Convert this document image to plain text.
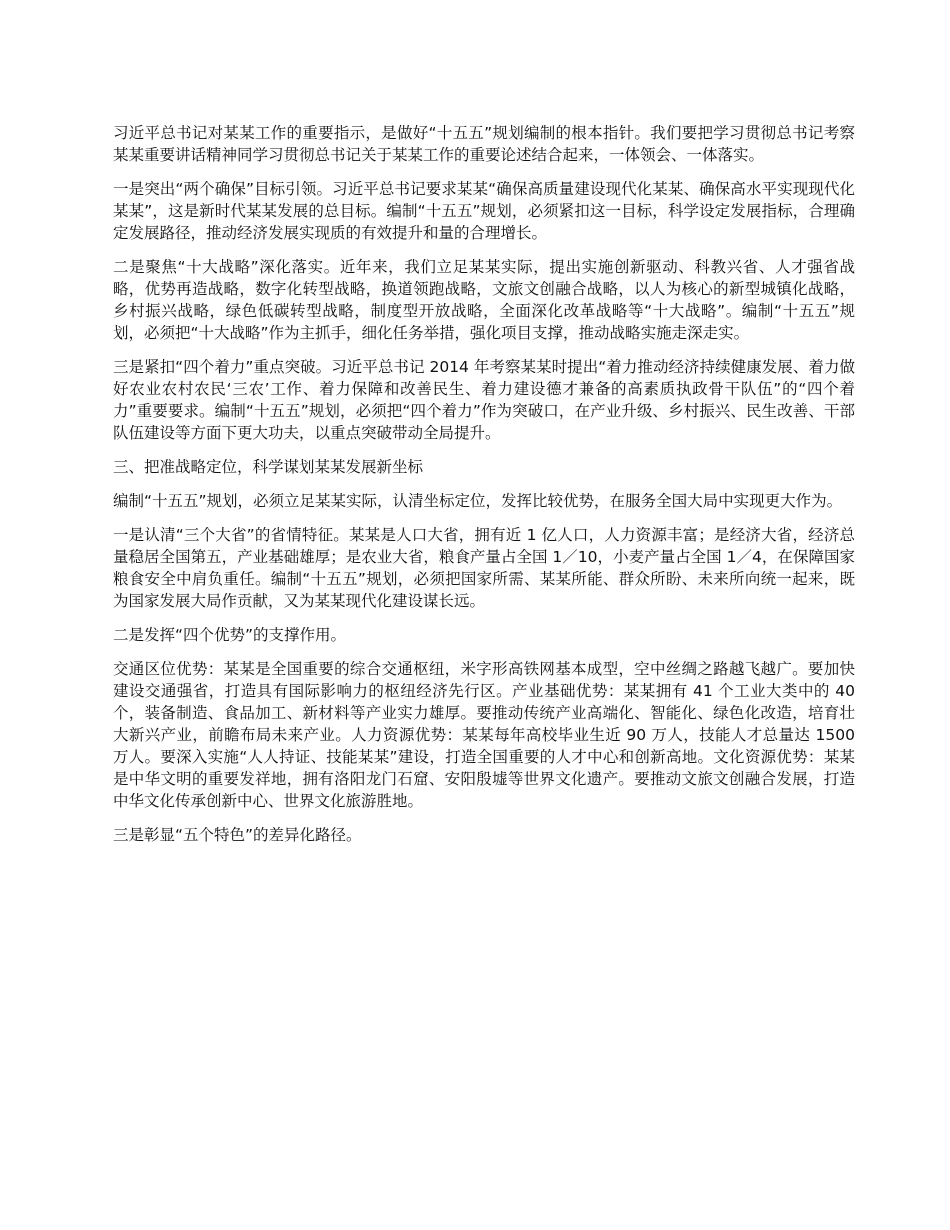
习近平总书记对某某工作的重要指示，是做好“十五五”规划编制的根本指针。我们要把学习贯彻总书记考察某某重要讲话精神同学习贯彻总书记关于某某工作的重要论述结合起来，一体领会、一体落实。

一是突出“两个确保”目标引领。习近平总书记要求某某“确保高质量建设现代化某某、确保高水平实现现代化某某”，这是新时代某某发展的总目标。编制“十五五”规划，必须紧扣这一目标，科学设定发展指标，合理确定发展路径，推动经济发展实现质的有效提升和量的合理增长。

二是聚焦“十大战略”深化落实。近年来，我们立足某某实际，提出实施创新驱动、科教兴省、人才强省战略，优势再造战略，数字化转型战略，换道领跑战略，文旅文创融合战略，以人为核心的新型城镇化战略，乡村振兴战略，绿色低碳转型战略，制度型开放战略，全面深化改革战略等“十大战略”。编制“十五五”规划，必须把“十大战略”作为主抓手，细化任务举措，强化项目支撑，推动战略实施走深走实。

三是紧扣“四个着力”重点突破。习近平总书记 2014 年考察某某时提出“着力推动经济持续健康发展、着力做好农业农村农民‘三农’工作、着力保障和改善民生、着力建设德才兼备的高素质执政骨干队伍”的“四个着力”重要要求。编制“十五五”规划，必须把“四个着力”作为突破口，在产业升级、乡村振兴、民生改善、干部队伍建设等方面下更大功夫，以重点突破带动全局提升。

三、把准战略定位，科学谋划某某发展新坐标

编制“十五五”规划，必须立足某某实际，认清坐标定位，发挥比较优势，在服务全国大局中实现更大作为。

一是认清“三个大省”的省情特征。某某是人口大省，拥有近 1 亿人口，人力资源丰富；是经济大省，经济总量稳居全国第五，产业基础雄厚；是农业大省，粮食产量占全国 1／10，小麦产量占全国 1／4，在保障国家粮食安全中肩负重任。编制“十五五”规划，必须把国家所需、某某所能、群众所盼、未来所向统一起来，既为国家发展大局作贡献，又为某某现代化建设谋长远。

二是发挥“四个优势”的支撑作用。

交通区位优势：某某是全国重要的综合交通枢纽，米字形高铁网基本成型，空中丝绸之路越飞越广。要加快建设交通强省，打造具有国际影响力的枢纽经济先行区。产业基础优势：某某拥有 41 个工业大类中的 40 个，装备制造、食品加工、新材料等产业实力雄厚。要推动传统产业高端化、智能化、绿色化改造，培育壮大新兴产业，前瞻布局未来产业。人力资源优势：某某每年高校毕业生近 90 万人，技能人才总量达 1500 万人。要深入实施“人人持证、技能某某”建设，打造全国重要的人才中心和创新高地。文化资源优势：某某是中华文明的重要发祥地，拥有洛阳龙门石窟、安阳殷墟等世界文化遗产。要推动文旅文创融合发展，打造中华文化传承创新中心、世界文化旅游胜地。

三是彰显“五个特色”的差异化路径。
